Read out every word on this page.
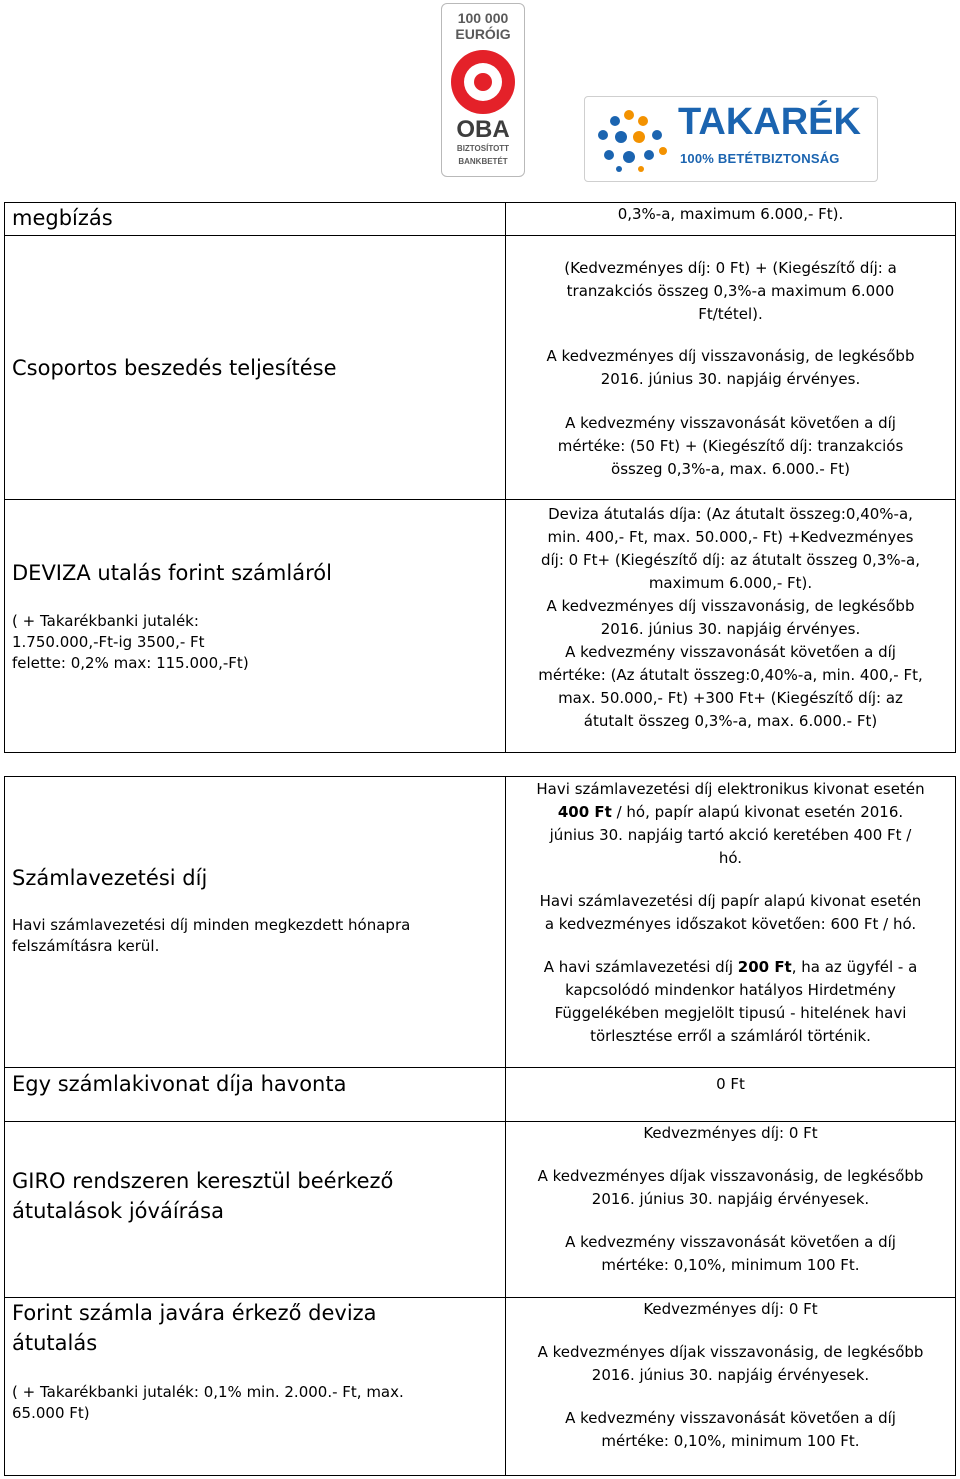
100 000
EURÓIG
OBA
BIZTOSÍTOTT
BANKBETÉT
TAKARÉK
100% BETÉTBIZTONSÁG
megbízás	0,3%-a, maximum 6.000,- Ft).
Csoportos beszedés teljesítése
(Kedvezményes díj: 0 Ft) + (Kiegészítő díj: a
tranzakciós összeg 0,3%-a maximum 6.000
Ft/tétel).
A kedvezményes díj visszavonásig, de legkésőbb
2016. június 30. napjáig érvényes.
A kedvezmény visszavonását követően a díj
mértéke: (50 Ft) + (Kiegészítő díj: tranzakciós
összeg 0,3%-a, max. 6.000.- Ft)
DEVIZA utalás forint számláról
( + Takarékbanki jutalék:
1.750.000,-Ft-ig 3500,- Ft
felette: 0,2% max: 115.000,-Ft)
Deviza átutalás díja: (Az átutalt összeg:0,40%-a,
min. 400,- Ft, max. 50.000,- Ft) +Kedvezményes
díj: 0 Ft+ (Kiegészítő díj: az átutalt összeg 0,3%-a,
maximum 6.000,- Ft).
A kedvezményes díj visszavonásig, de legkésőbb
2016. június 30. napjáig érvényes.
A kedvezmény visszavonását követően a díj
mértéke: (Az átutalt összeg:0,40%-a, min. 400,- Ft,
max. 50.000,- Ft) +300 Ft+ (Kiegészítő díj: az
átutalt összeg 0,3%-a, max. 6.000.- Ft)
Számlavezetési díj
Havi számlavezetési díj minden megkezdett hónapra
felszámításra kerül.
Havi számlavezetési díj elektronikus kivonat esetén
400 Ft / hó, papír alapú kivonat esetén 2016.
június 30. napjáig tartó akció keretében 400 Ft /
hó.
Havi számlavezetési díj papír alapú kivonat esetén
a kedvezményes időszakot követően: 600 Ft / hó.
A havi számlavezetési díj 200 Ft, ha az ügyfél - a
kapcsolódó mindenkor hatályos Hirdetmény
Függelékében megjelölt tipusú - hitelének havi
törlesztése erről a számláról történik.
Egy számlakivonat díja havonta	0 Ft
GIRO rendszeren keresztül beérkező
átutalások jóváírása
Kedvezményes díj: 0 Ft
A kedvezményes díjak visszavonásig, de legkésőbb
2016. június 30. napjáig érvényesek.
A kedvezmény visszavonását követően a díj
mértéke: 0,10%, minimum 100 Ft.
Forint számla javára érkező deviza
átutalás
( + Takarékbanki jutalék: 0,1% min. 2.000.- Ft, max.
65.000 Ft)
Kedvezményes díj: 0 Ft
A kedvezményes díjak visszavonásig, de legkésőbb
2016. június 30. napjáig érvényesek.
A kedvezmény visszavonását követően a díj
mértéke: 0,10%, minimum 100 Ft.
